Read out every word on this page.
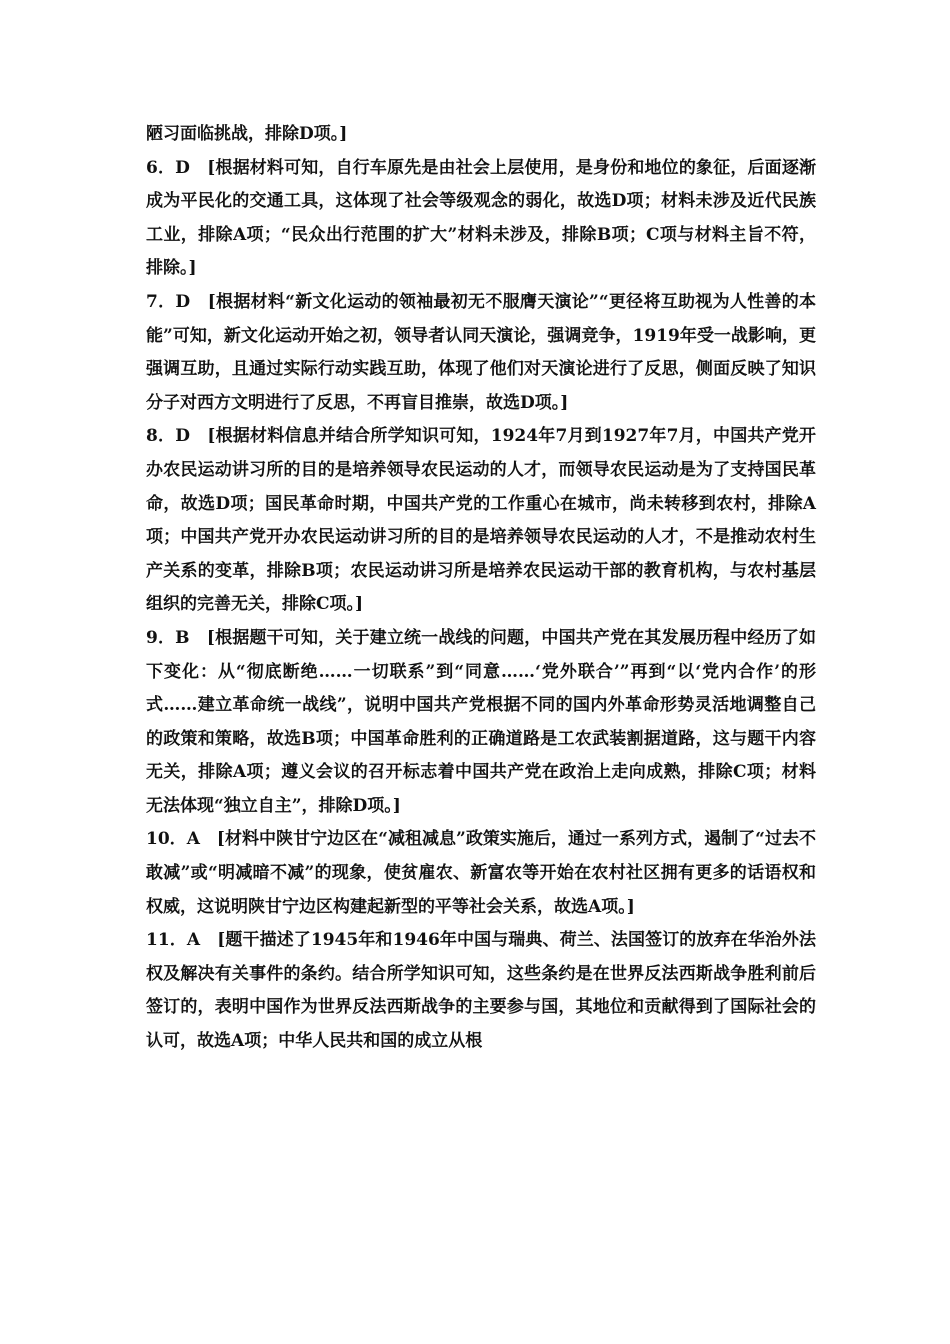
陋习面临挑战，排除D项。]

6．D　[根据材料可知，自行车原先是由社会上层使用，是身份和地位的象征，后面逐渐成为平民化的交通工具，这体现了社会等级观念的弱化，故选D项；材料未涉及近代民族工业，排除A项；“民众出行范围的扩大”材料未涉及，排除B项；C项与材料主旨不符，排除。]

7．D　[根据材料“新文化运动的领袖最初无不服膺天演论”“更径将互助视为人性善的本能”可知，新文化运动开始之初，领导者认同天演论，强调竞争，1919年受一战影响，更强调互助，且通过实际行动实践互助，体现了他们对天演论进行了反思，侧面反映了知识分子对西方文明进行了反思，不再盲目推崇，故选D项。]

8．D　[根据材料信息并结合所学知识可知，1924年7月到1927年7月，中国共产党开办农民运动讲习所的目的是培养领导农民运动的人才，而领导农民运动是为了支持国民革命，故选D项；国民革命时期，中国共产党的工作重心在城市，尚未转移到农村，排除A项；中国共产党开办农民运动讲习所的目的是培养领导农民运动的人才，不是推动农村生产关系的变革，排除B项；农民运动讲习所是培养农民运动干部的教育机构，与农村基层组织的完善无关，排除C项。]

9．B　[根据题干可知，关于建立统一战线的问题，中国共产党在其发展历程中经历了如下变化：从“彻底断绝……一切联系”到“同意……‘党外联合’”再到“以‘党内合作’的形式……建立革命统一战线”，说明中国共产党根据不同的国内外革命形势灵活地调整自己的政策和策略，故选B项；中国革命胜利的正确道路是工农武装割据道路，这与题干内容无关，排除A项；遵义会议的召开标志着中国共产党在政治上走向成熟，排除C项；材料无法体现“独立自主”，排除D项。]

10．A　[材料中陕甘宁边区在“减租减息”政策实施后，通过一系列方式，遏制了“过去不敢减”或“明减暗不减”的现象，使贫雇农、新富农等开始在农村社区拥有更多的话语权和权威，这说明陕甘宁边区构建起新型的平等社会关系，故选A项。]

11．A　[题干描述了1945年和1946年中国与瑞典、荷兰、法国签订的放弃在华治外法权及解决有关事件的条约。结合所学知识可知，这些条约是在世界反法西斯战争胜利前后签订的，表明中国作为世界反法西斯战争的主要参与国，其地位和贡献得到了国际社会的认可，故选A项；中华人民共和国的成立从根
